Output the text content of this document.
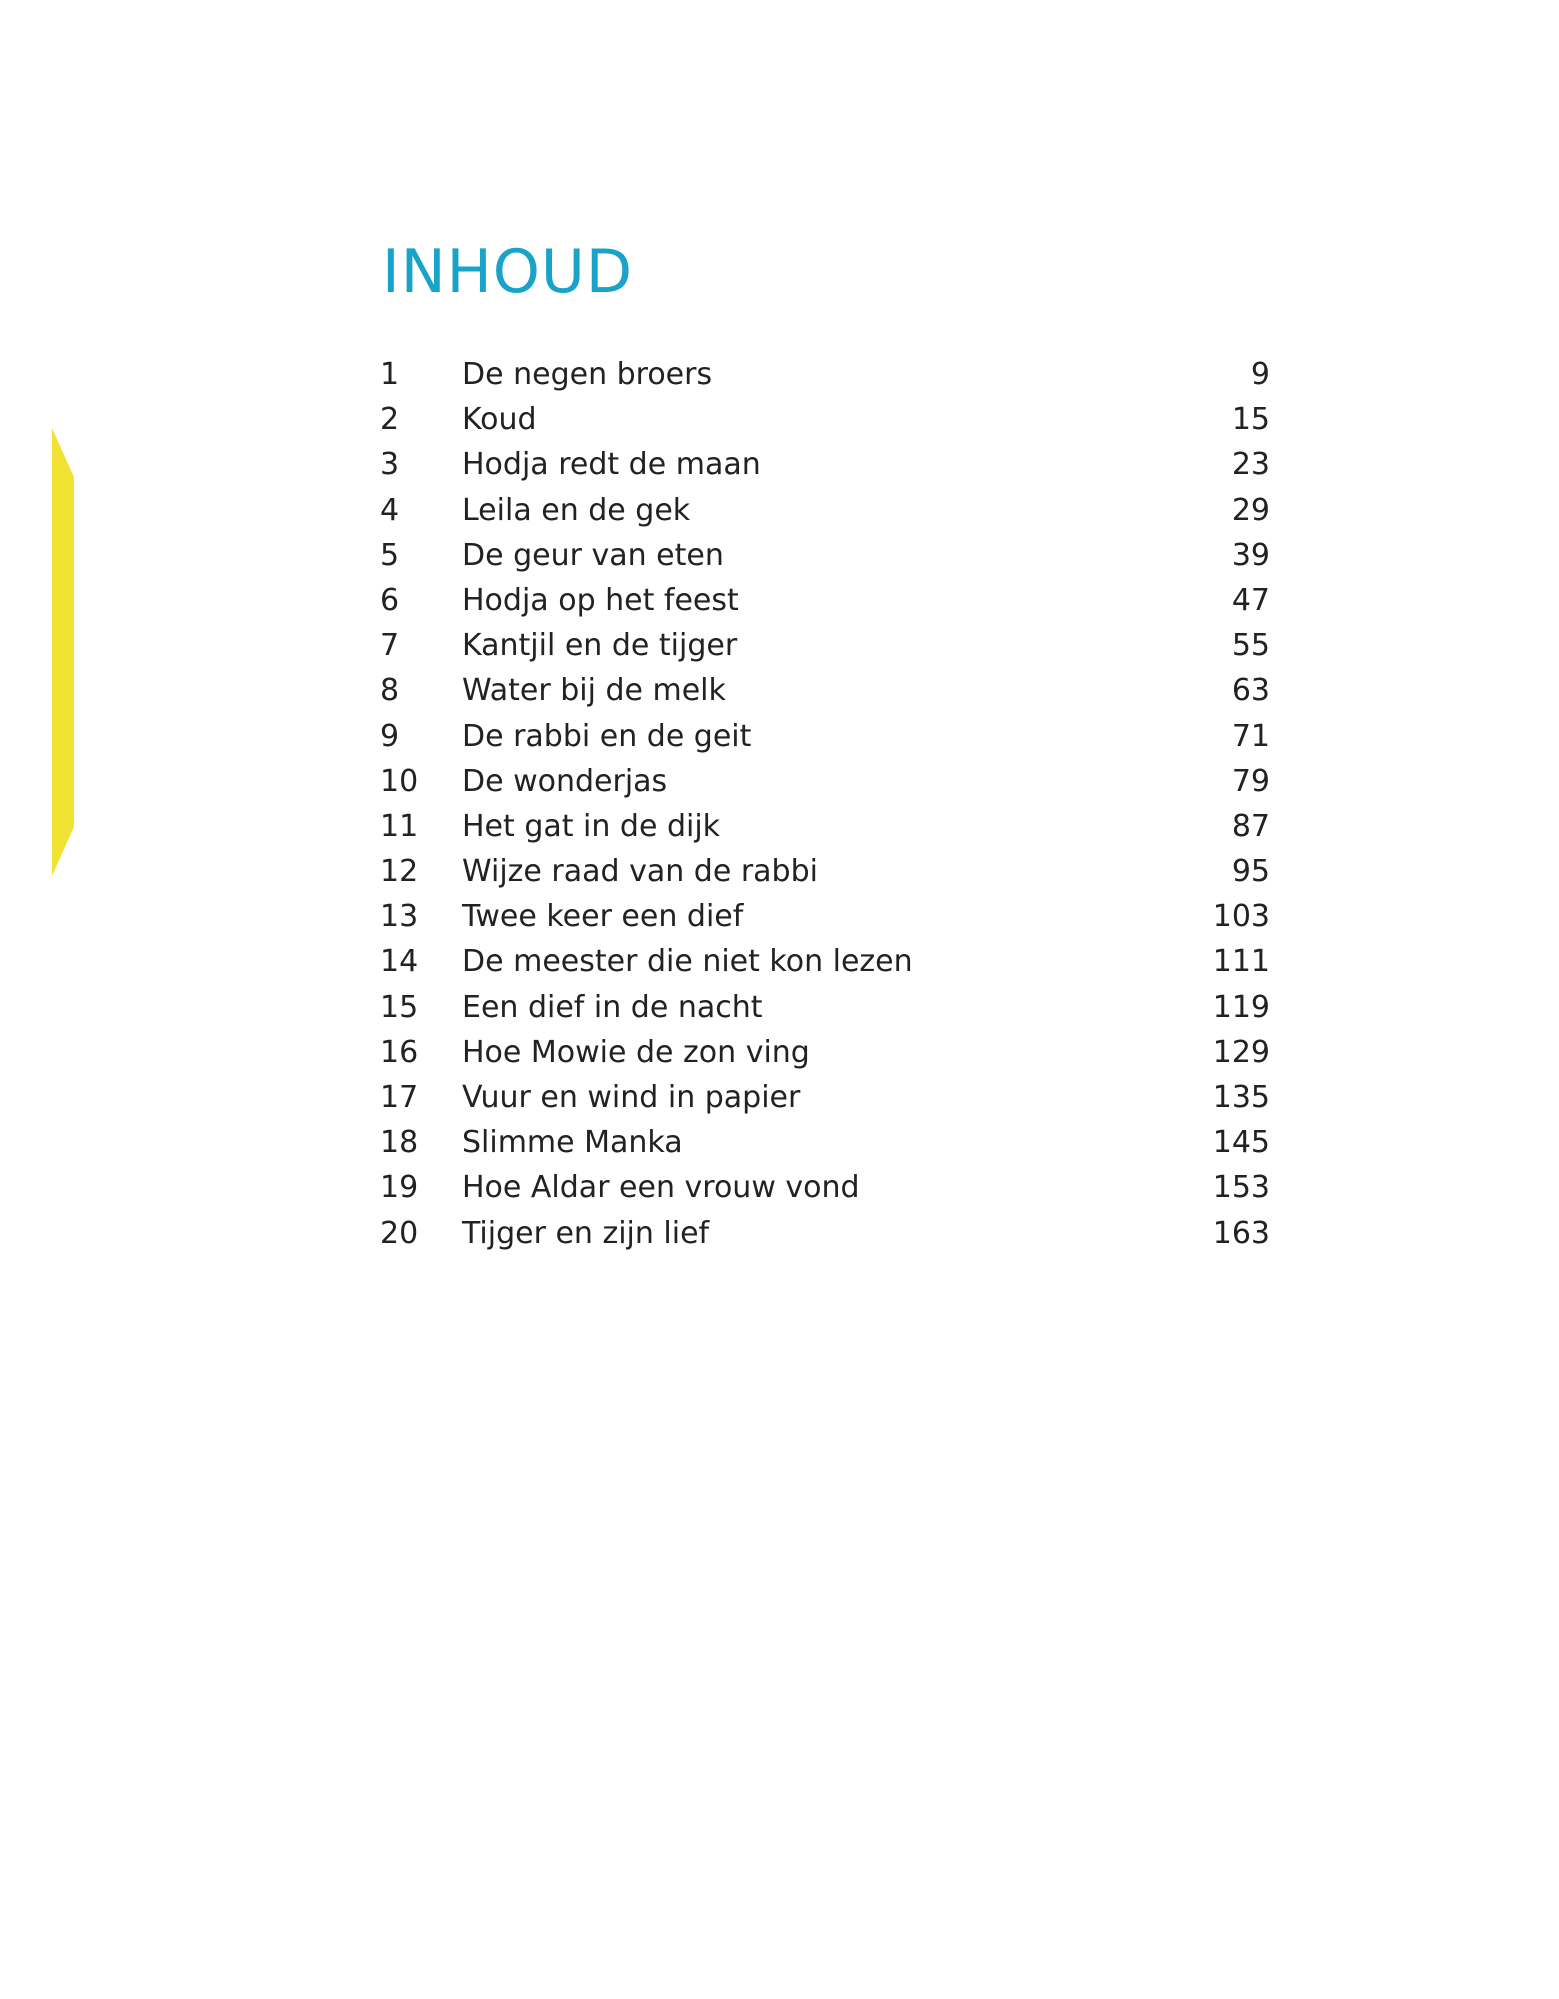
INHOUD
1 De negen broers	9
2 Koud	15
3 Hodja redt de maan	23
4 Leila en de gek	29
5 De geur van eten	39
6 Hodja op het feest	47
7 Kantjil en de tijger	55
8 Water bij de melk	63
9 De rabbi en de geit	71
10 De wonderjas	79
11 Het gat in de dijk	87
12 Wijze raad van de rabbi	95
13 Twee keer een dief	103
14 De meester die niet kon lezen	111
15 Een dief in de nacht	119
16 Hoe Mowie de zon ving	129
17 Vuur en wind in papier	135
18 Slimme Manka	145
19 Hoe Aldar een vrouw vond	153
20 Tijger en zijn lief	163
